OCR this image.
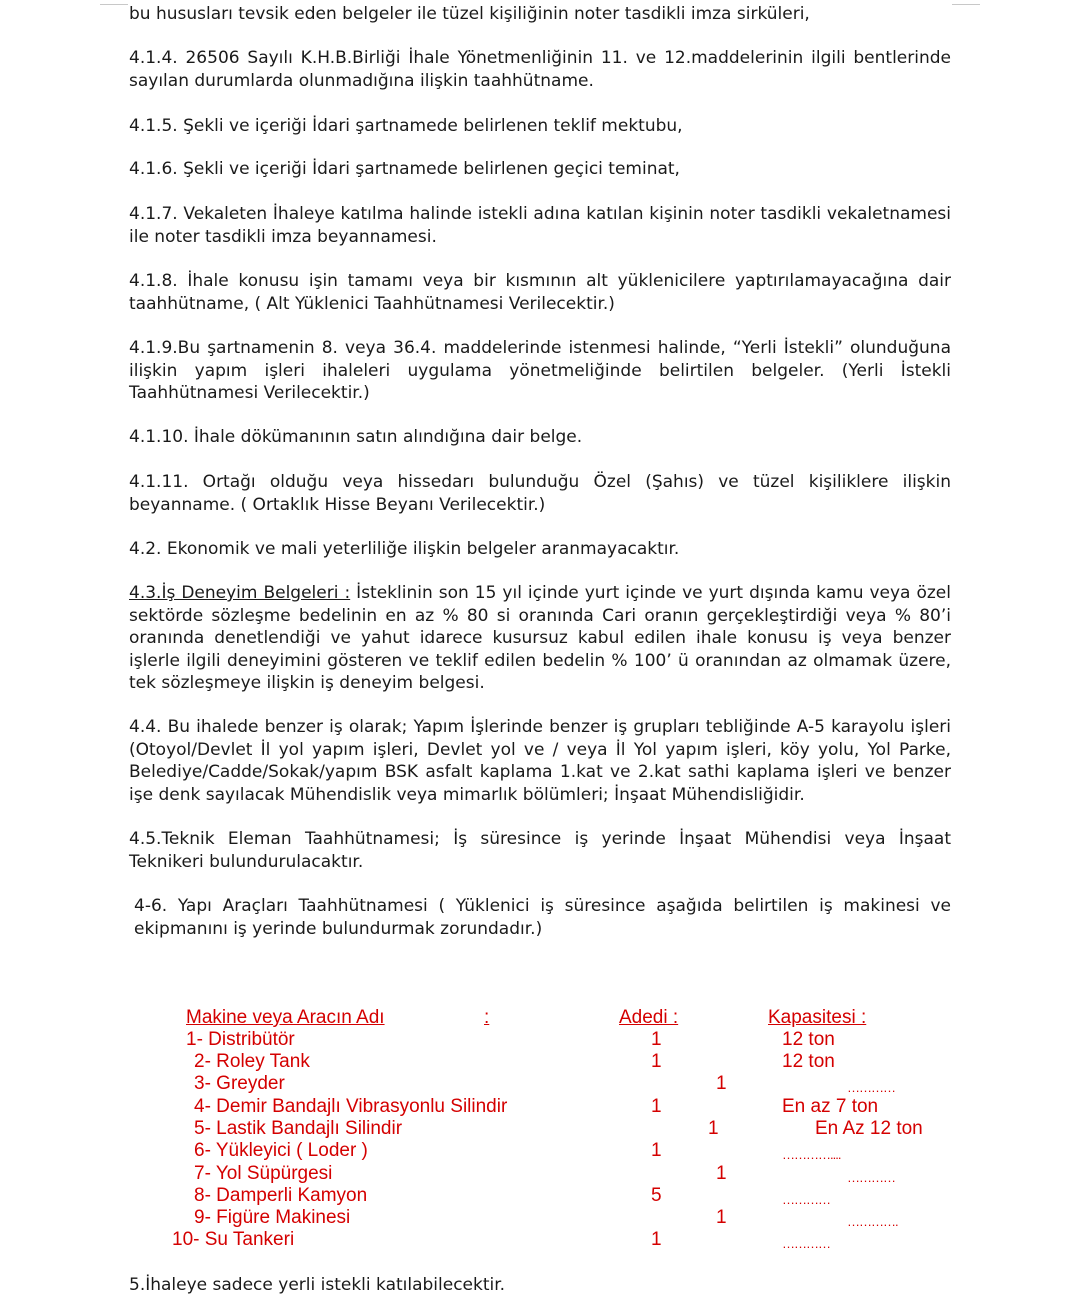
bu hususları tevsik eden belgeler ile tüzel kişiliğinin noter tasdikli imza sirküleri,

4.1.4. 26506 Sayılı K.H.B.Birliği İhale Yönetmenliğinin 11. ve 12.maddelerinin ilgili bentlerinde sayılan durumlarda olunmadığına ilişkin taahhütname.

4.1.5. Şekli ve içeriği İdari şartnamede belirlenen teklif mektubu,

4.1.6. Şekli ve içeriği İdari şartnamede belirlenen geçici teminat,

4.1.7. Vekaleten İhaleye katılma halinde istekli adına katılan kişinin noter tasdikli vekaletnamesi ile noter tasdikli imza beyannamesi.

4.1.8. İhale konusu işin tamamı veya bir kısmının alt yüklenicilere yaptırılamayacağına dair taahhütname, ( Alt Yüklenici Taahhütnamesi Verilecektir.)

4.1.9.Bu şartnamenin 8. veya 36.4. maddelerinde istenmesi halinde, “Yerli İstekli” olunduğuna ilişkin yapım işleri ihaleleri uygulama yönetmeliğinde belirtilen belgeler. (Yerli İstekli Taahhütnamesi Verilecektir.)

4.1.10. İhale dökümanının satın alındığına dair belge.

4.1.11. Ortağı olduğu veya hissedarı bulunduğu Özel (Şahıs) ve tüzel kişiliklere ilişkin beyanname. ( Ortaklık Hisse Beyanı Verilecektir.)

4.2. Ekonomik ve mali yeterliliğe ilişkin belgeler aranmayacaktır.

4.3.İş Deneyim Belgeleri : İsteklinin son 15 yıl içinde yurt içinde ve yurt dışında kamu veya özel sektörde sözleşme bedelinin en az % 80 si oranında Cari oranın gerçekleştirdiği veya % 80’i oranında denetlendiği ve yahut idarece kusursuz kabul edilen ihale konusu iş veya benzer işlerle ilgili deneyimini gösteren ve teklif edilen bedelin % 100’ ü oranından az olmamak üzere, tek sözleşmeye ilişkin iş deneyim belgesi.

4.4. Bu ihalede benzer iş olarak; Yapım İşlerinde benzer iş grupları tebliğinde A-5 karayolu işleri (Otoyol/Devlet İl yol yapım işleri, Devlet yol ve / veya İl Yol yapım işleri, köy yolu, Yol Parke, Belediye/Cadde/Sokak/yapım BSK asfalt kaplama 1.kat ve 2.kat sathi kaplama işleri ve benzer işe denk sayılacak Mühendislik veya mimarlık bölümleri; İnşaat Mühendisliğidir.

4.5.Teknik Eleman Taahhütnamesi; İş süresince iş yerinde İnşaat Mühendisi veya İnşaat Teknikeri bulundurulacaktır.

4-6. Yapı Araçları Taahhütnamesi ( Yüklenici iş süresince aşağıda belirtilen iş makinesi ve ekipmanını iş yerinde bulundurmak zorundadır.)

Makine veya Aracın Adı	:	Adedi :	Kapasitesi :
1- Distribütör	1	12 ton
2- Roley Tank	1	12 ton
3- Greyder	1	…………
4- Demir Bandajlı Vibrasyonlu Silindir	1	En az 7 ton
5- Lastik Bandajlı Silindir	1	En Az 12 ton
6- Yükleyici ( Loder )	1	…………....
7- Yol Süpürgesi	1	…………
8- Damperli Kamyon	5	…………
9- Figüre Makinesi	1	………….
10- Su Tankeri	1	…………

5.İhaleye sadece yerli istekli katılabilecektir.
